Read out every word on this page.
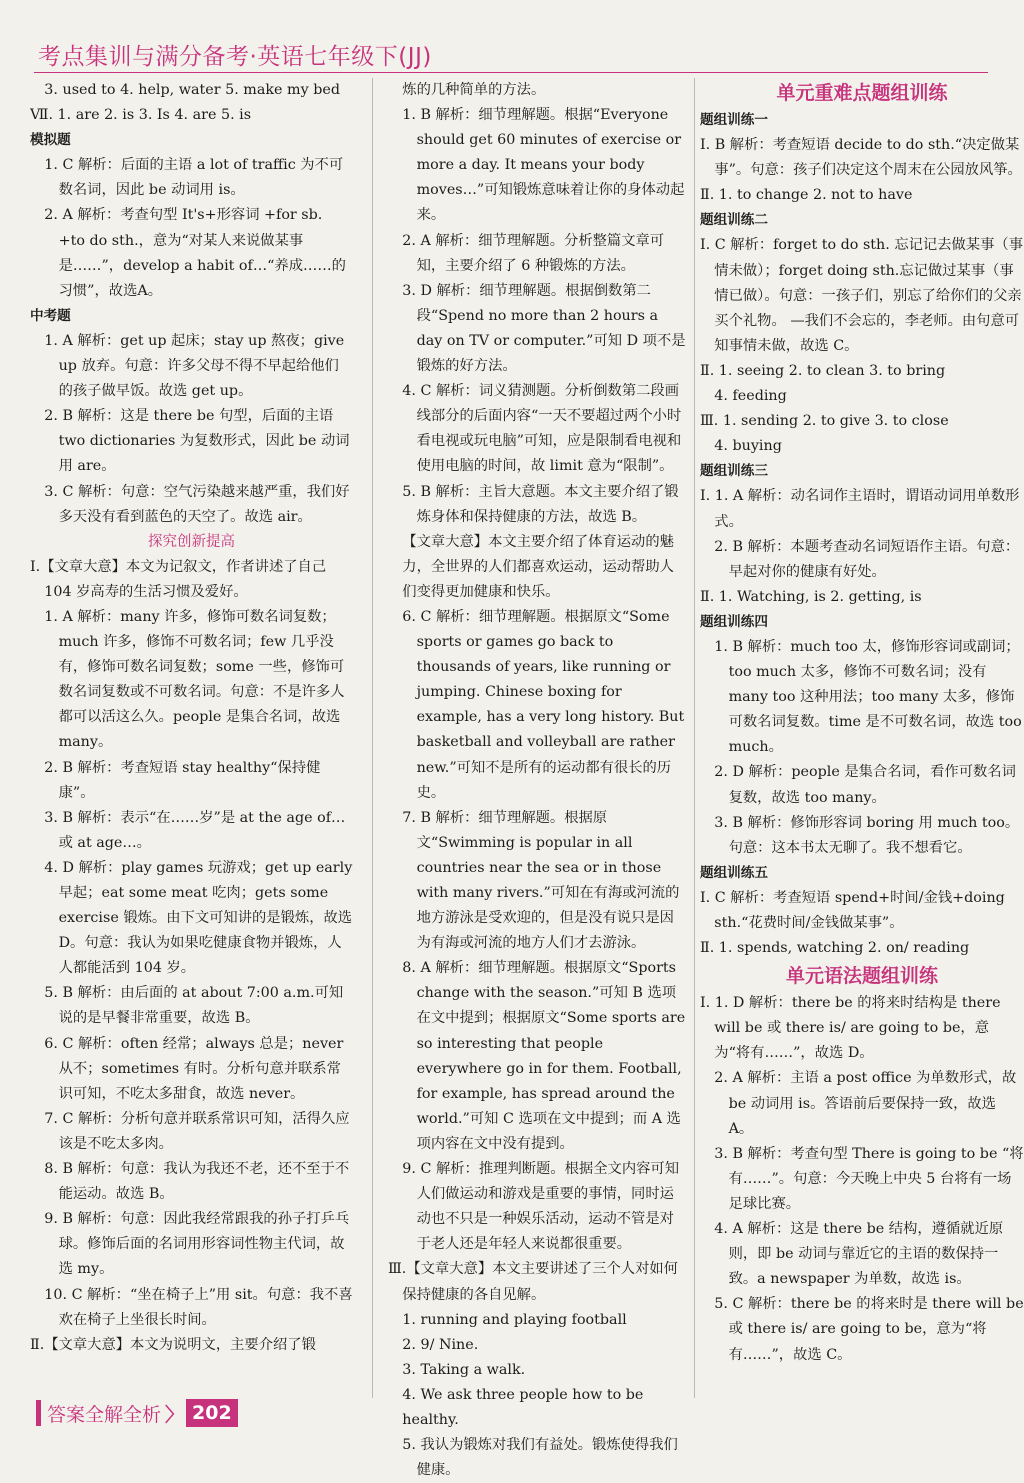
考点集训与满分备考·英语七年级下(JJ)
3. used to 4. help, water 5. make my bed
Ⅶ. 1. are 2. is 3. Is 4. are 5. is
模拟题
1. C 解析：后面的主语 a lot of traffic 为不可数名词，因此 be 动词用 is。
2. A 解析：考查句型 It's+形容词 +for sb. +to do sth.，意为“对某人来说做某事是……”，develop a habit of…“养成……的习惯”，故选A。
中考题
1. A 解析：get up 起床；stay up 熬夜；give up 放弃。句意：许多父母不得不早起给他们的孩子做早饭。故选 get up。
2. B 解析：这是 there be 句型，后面的主语 two dictionaries 为复数形式，因此 be 动词用 are。
3. C 解析：句意：空气污染越来越严重，我们好多天没有看到蓝色的天空了。故选 air。
探究创新提高
Ⅰ.【文章大意】本文为记叙文，作者讲述了自己 104 岁高寿的生活习惯及爱好。
1. A 解析：many 许多，修饰可数名词复数；much 许多，修饰不可数名词；few 几乎没有，修饰可数名词复数；some 一些，修饰可数名词复数或不可数名词。句意：不是许多人都可以活这么久。people 是集合名词，故选 many。
2. B 解析：考查短语 stay healthy“保持健康”。
3. B 解析：表示“在……岁”是 at the age of…或 at age…。
4. D 解析：play games 玩游戏；get up early 早起；eat some meat 吃肉；gets some exercise 锻炼。由下文可知讲的是锻炼，故选 D。句意：我认为如果吃健康食物并锻炼，人人都能活到 104 岁。
5. B 解析：由后面的 at about 7:00 a.m.可知说的是早餐非常重要，故选 B。
6. C 解析：often 经常；always 总是；never 从不；sometimes 有时。分析句意并联系常识可知，不吃太多甜食，故选 never。
7. C 解析：分析句意并联系常识可知，活得久应该是不吃太多肉。
8. B 解析：句意：我认为我还不老，还不至于不能运动。故选 B。
9. B 解析：句意：因此我经常跟我的孙子打乒乓球。修饰后面的名词用形容词性物主代词，故选 my。
10. C 解析：“坐在椅子上”用 sit。句意：我不喜欢在椅子上坐很长时间。
Ⅱ.【文章大意】本文为说明文，主要介绍了锻
炼的几种简单的方法。
1. B 解析：细节理解题。根据“Everyone should get 60 minutes of exercise or more a day. It means your body moves…”可知锻炼意味着让你的身体动起来。
2. A 解析：细节理解题。分析整篇文章可知，主要介绍了 6 种锻炼的方法。
3. D 解析：细节理解题。根据倒数第二段“Spend no more than 2 hours a day on TV or computer.”可知 D 项不是锻炼的好方法。
4. C 解析：词义猜测题。分析倒数第二段画线部分的后面内容“一天不要超过两个小时看电视或玩电脑”可知，应是限制看电视和使用电脑的时间，故 limit 意为“限制”。
5. B 解析：主旨大意题。本文主要介绍了锻炼身体和保持健康的方法，故选 B。
【文章大意】本文主要介绍了体育运动的魅力，全世界的人们都喜欢运动，运动帮助人们变得更加健康和快乐。
6. C 解析：细节理解题。根据原文“Some sports or games go back to thousands of years, like running or jumping. Chinese boxing for example, has a very long history. But basketball and volleyball are rather new.”可知不是所有的运动都有很长的历史。
7. B 解析：细节理解题。根据原文“Swimming is popular in all countries near the sea or in those with many rivers.”可知在有海或河流的地方游泳是受欢迎的，但是没有说只是因为有海或河流的地方人们才去游泳。
8. A 解析：细节理解题。根据原文“Sports change with the season.”可知 B 选项在文中提到；根据原文“Some sports are so interesting that people everywhere go in for them. Football, for example, has spread around the world.”可知 C 选项在文中提到；而 A 选项内容在文中没有提到。
9. C 解析：推理判断题。根据全文内容可知人们做运动和游戏是重要的事情，同时运动也不只是一种娱乐活动，运动不管是对于老人还是年轻人来说都很重要。
Ⅲ.【文章大意】本文主要讲述了三个人对如何保持健康的各自见解。
1. running and playing football
2. 9/ Nine.
3. Taking a walk.
4. We ask three people how to be healthy.
5. 我认为锻炼对我们有益处。锻炼使得我们健康。
单元重难点题组训练
题组训练一
Ⅰ. B 解析：考查短语 decide to do sth.“决定做某事”。句意：孩子们决定这个周末在公园放风筝。
Ⅱ. 1. to change 2. not to have
题组训练二
Ⅰ. C 解析：forget to do sth. 忘记记去做某事（事情未做）；forget doing sth.忘记做过某事（事情已做）。句意：一孩子们，别忘了给你们的父亲买个礼物。 —我们不会忘的，李老师。由句意可知事情未做，故选 C。
Ⅱ. 1. seeing 2. to clean 3. to bring
4. feeding
Ⅲ. 1. sending 2. to give 3. to close
4. buying
题组训练三
Ⅰ. 1. A 解析：动名词作主语时，谓语动词用单数形式。
2. B 解析：本题考查动名词短语作主语。句意：早起对你的健康有好处。
Ⅱ. 1. Watching, is 2. getting, is
题组训练四
1. B 解析：much too 太，修饰形容词或副词；too much 太多，修饰不可数名词；没有 many too 这种用法；too many 太多，修饰可数名词复数。time 是不可数名词，故选 too much。
2. D 解析：people 是集合名词，看作可数名词复数，故选 too many。
3. B 解析：修饰形容词 boring 用 much too。句意：这本书太无聊了。我不想看它。
题组训练五
Ⅰ. C 解析：考查短语 spend+时间/金钱+doing sth.“花费时间/金钱做某事”。
Ⅱ. 1. spends, watching 2. on/ reading
单元语法题组训练
Ⅰ. 1. D 解析：there be 的将来时结构是 there will be 或 there is/ are going to be，意为“将有……”，故选 D。
2. A 解析：主语 a post office 为单数形式，故 be 动词用 is。答语前后要保持一致，故选 A。
3. B 解析：考查句型 There is going to be “将有……”。句意：今天晚上中央 5 台将有一场足球比赛。
4. A 解析：这是 there be 结构，遵循就近原则，即 be 动词与靠近它的主语的数保持一致。a newspaper 为单数，故选 is。
5. C 解析：there be 的将来时是 there will be 或 there is/ are going to be，意为“将有……”，故选 C。
答案全解全析 〉 202
